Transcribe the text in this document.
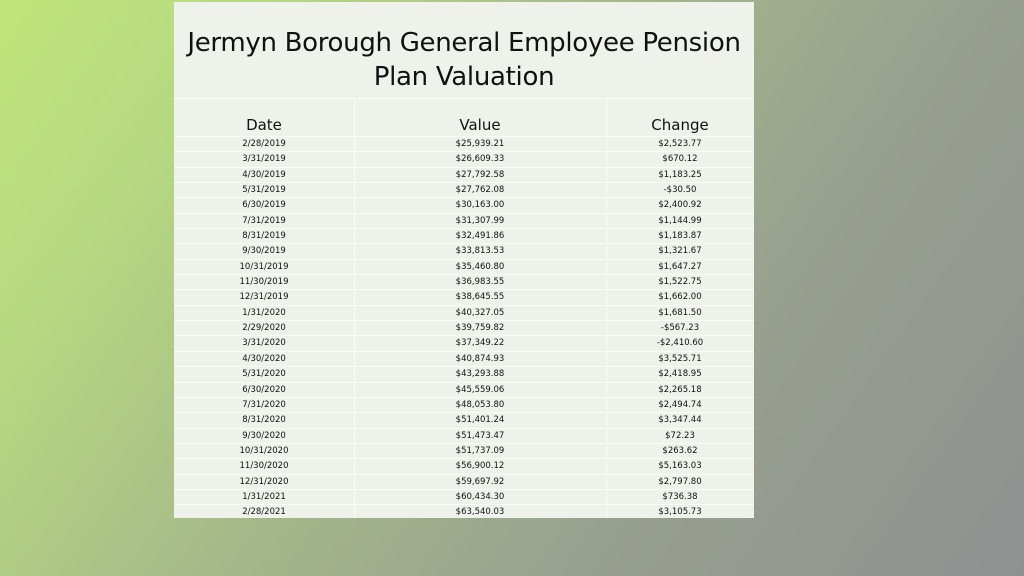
Jermyn Borough General Employee Pension
Plan Valuation
Date	Value	Change
2/28/2019	$25,939.21	$2,523.77
3/31/2019	$26,609.33	$670.12
4/30/2019	$27,792.58	$1,183.25
5/31/2019	$27,762.08	-$30.50
6/30/2019	$30,163.00	$2,400.92
7/31/2019	$31,307.99	$1,144.99
8/31/2019	$32,491.86	$1,183.87
9/30/2019	$33,813.53	$1,321.67
10/31/2019	$35,460.80	$1,647.27
11/30/2019	$36,983.55	$1,522.75
12/31/2019	$38,645.55	$1,662.00
1/31/2020	$40,327.05	$1,681.50
2/29/2020	$39,759.82	-$567.23
3/31/2020	$37,349.22	-$2,410.60
4/30/2020	$40,874.93	$3,525.71
5/31/2020	$43,293.88	$2,418.95
6/30/2020	$45,559.06	$2,265.18
7/31/2020	$48,053.80	$2,494.74
8/31/2020	$51,401.24	$3,347.44
9/30/2020	$51,473.47	$72.23
10/31/2020	$51,737.09	$263.62
11/30/2020	$56,900.12	$5,163.03
12/31/2020	$59,697.92	$2,797.80
1/31/2021	$60,434.30	$736.38
2/28/2021	$63,540.03	$3,105.73
